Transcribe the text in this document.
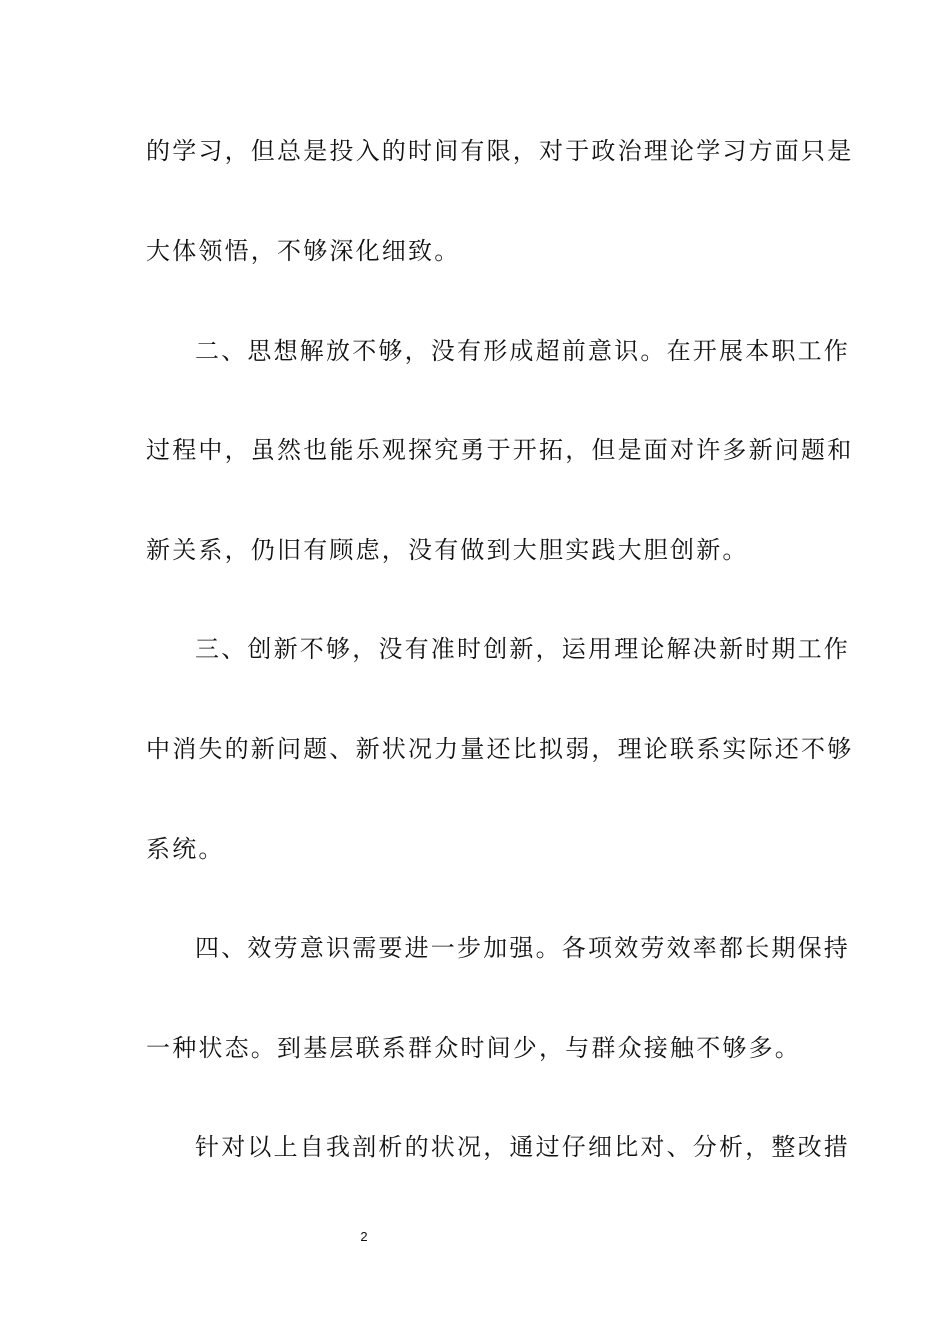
的学习，但总是投入的时间有限，对于政治理论学习方面只是
大体领悟，不够深化细致。
二、思想解放不够，没有形成超前意识。在开展本职工作
过程中，虽然也能乐观探究勇于开拓，但是面对许多新问题和
新关系，仍旧有顾虑，没有做到大胆实践大胆创新。
三、创新不够，没有准时创新，运用理论解决新时期工作
中消失的新问题、新状况力量还比拟弱，理论联系实际还不够
系统。
四、效劳意识需要进一步加强。各项效劳效率都长期保持
一种状态。到基层联系群众时间少，与群众接触不够多。
针对以上自我剖析的状况，通过仔细比对、分析，整改措
2
